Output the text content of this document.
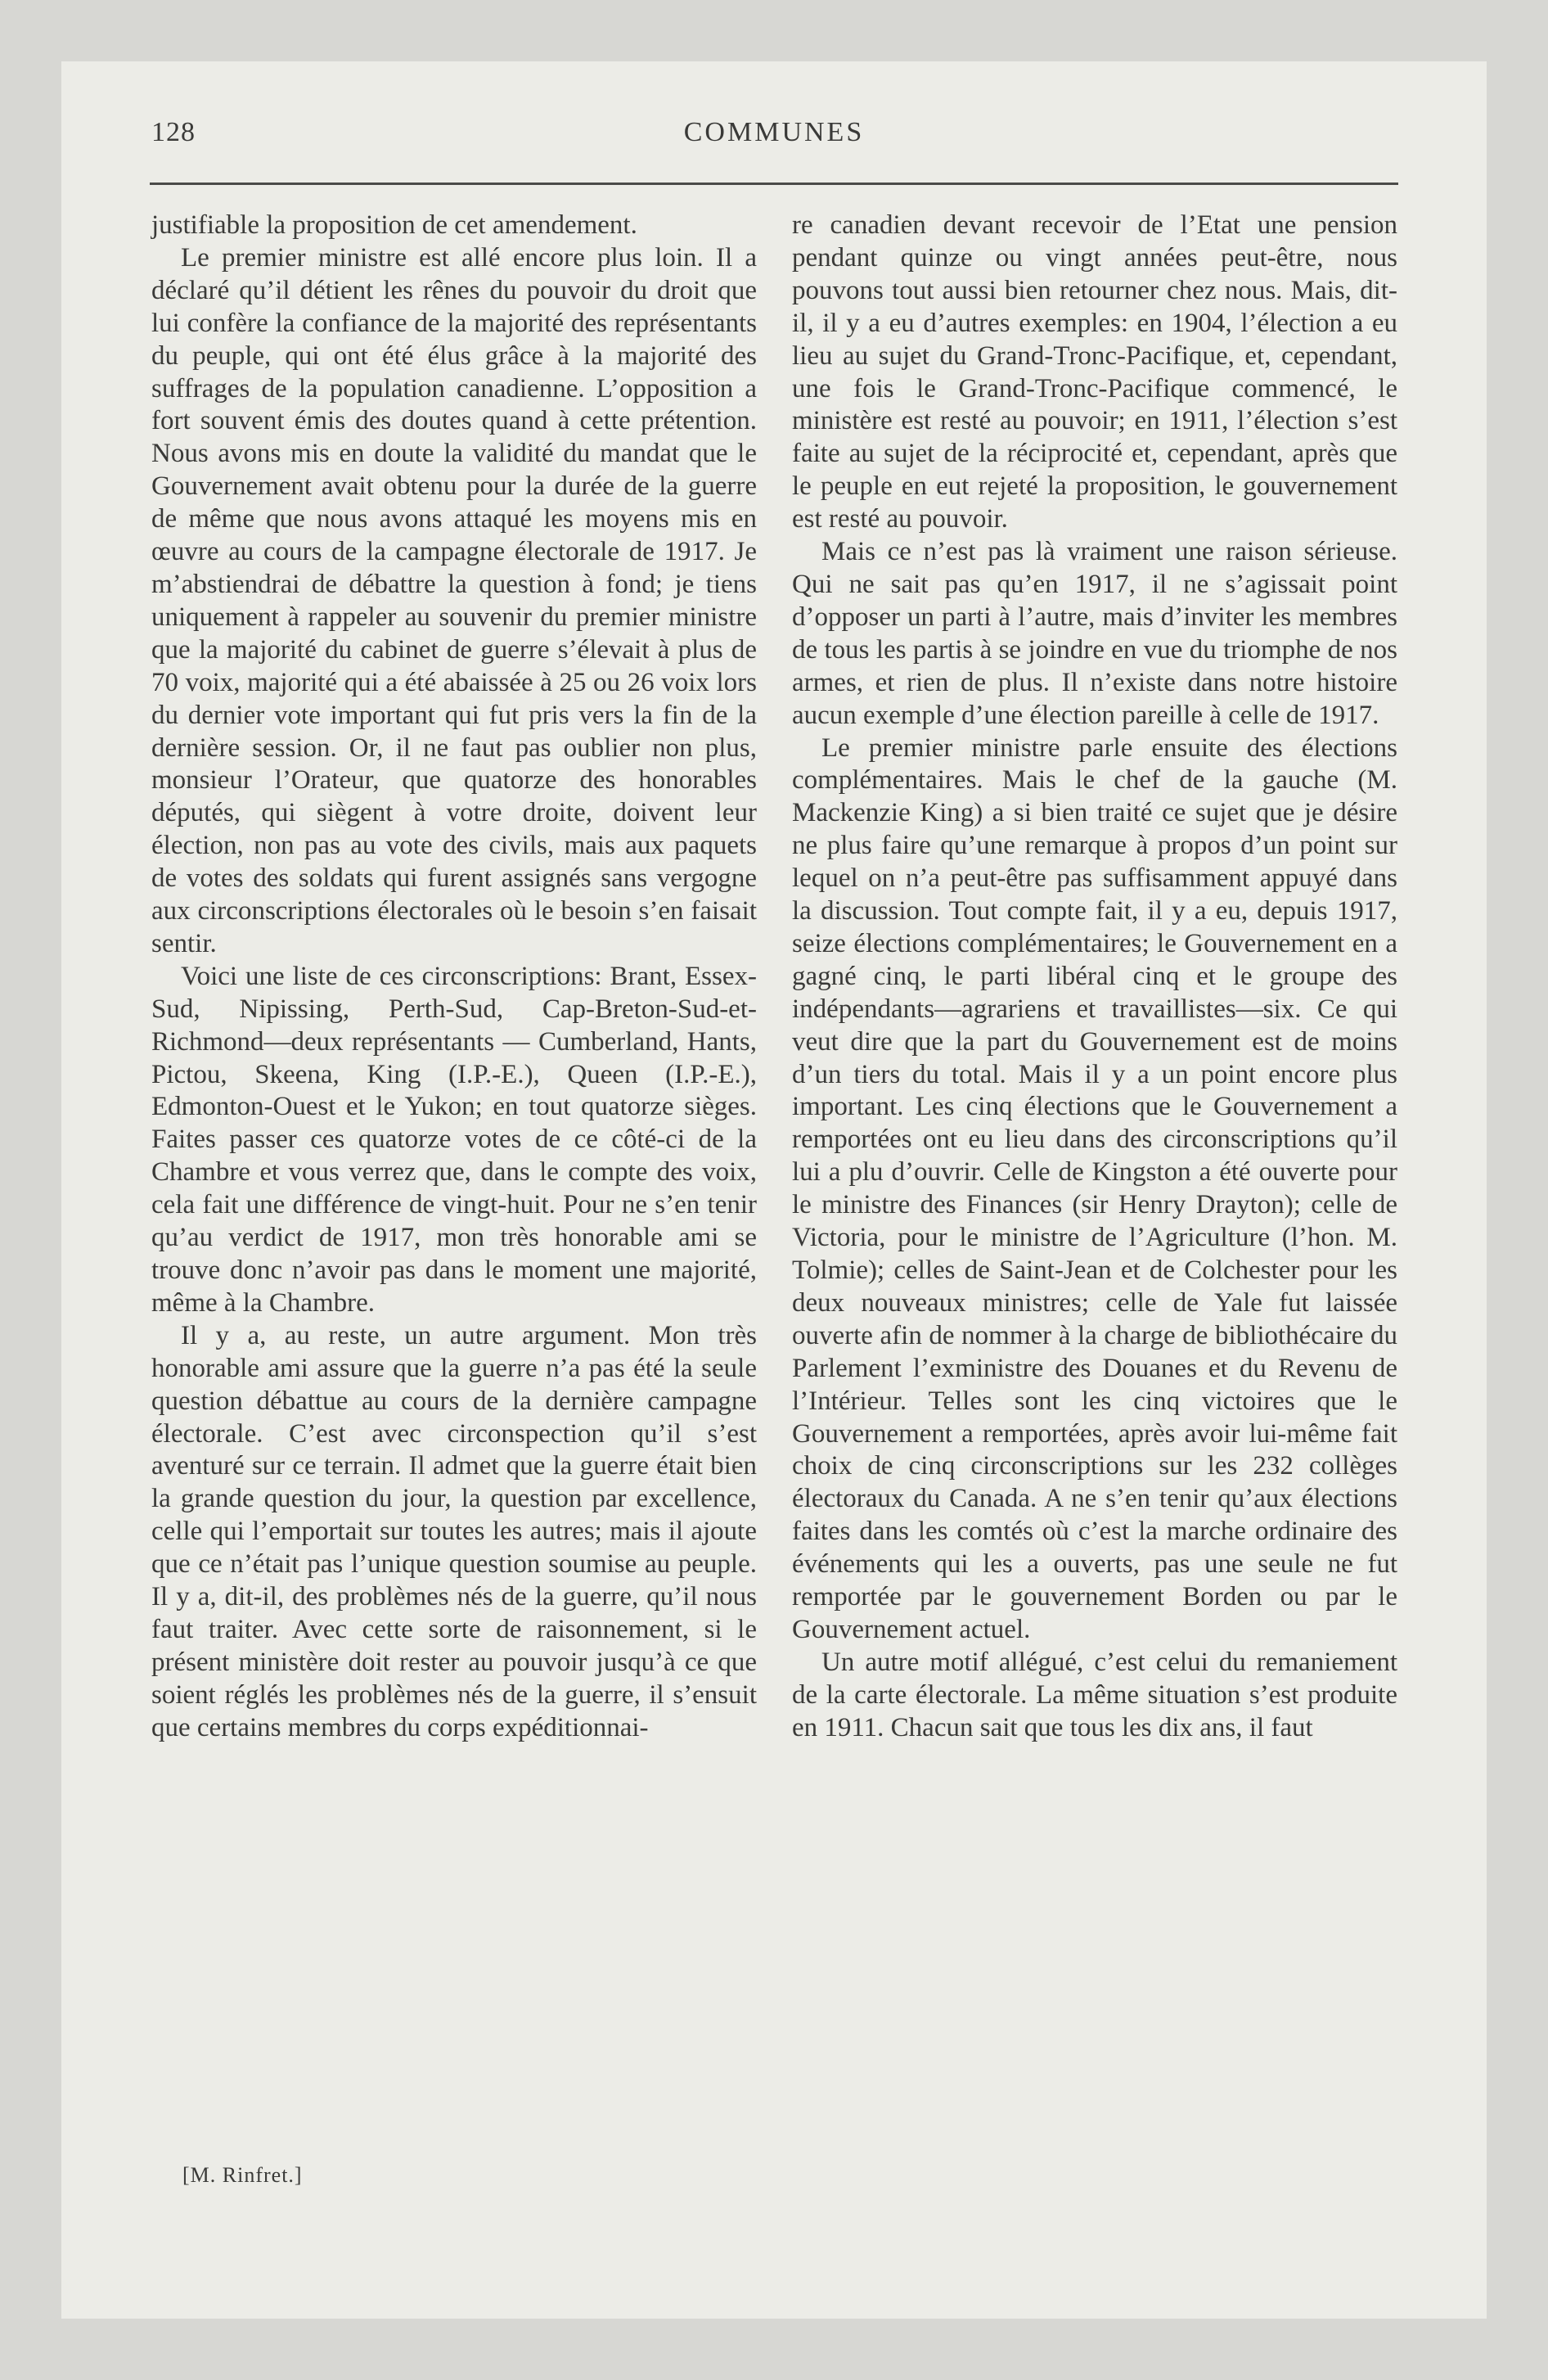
128	COMMUNES

justifiable la proposition de cet amendement.

Le premier ministre est allé encore plus loin. Il a déclaré qu’il détient les rênes du pouvoir du droit que lui confère la confiance de la majorité des représentants du peuple, qui ont été élus grâce à la majorité des suffrages de la population canadienne. L’opposition a fort souvent émis des doutes quand à cette prétention. Nous avons mis en doute la validité du mandat que le Gouvernement avait obtenu pour la durée de la guerre de même que nous avons attaqué les moyens mis en œuvre au cours de la campagne électorale de 1917. Je m’abstiendrai de débattre la question à fond; je tiens uniquement à rappeler au souvenir du premier ministre que la majorité du cabinet de guerre s’élevait à plus de 70 voix, majorité qui a été abaissée à 25 ou 26 voix lors du dernier vote important qui fut pris vers la fin de la dernière session. Or, il ne faut pas oublier non plus, monsieur l’Orateur, que quatorze des honorables députés, qui siègent à votre droite, doivent leur élection, non pas au vote des civils, mais aux paquets de votes des soldats qui furent assignés sans vergogne aux circonscriptions électorales où le besoin s’en faisait sentir.

Voici une liste de ces circonscriptions: Brant, Essex-Sud, Nipissing, Perth-Sud, Cap-Breton-Sud-et-Richmond—deux représentants — Cumberland, Hants, Pictou, Skeena, King (I.P.-E.), Queen (I.P.-E.), Edmonton-Ouest et le Yukon; en tout quatorze sièges. Faites passer ces quatorze votes de ce côté-ci de la Chambre et vous verrez que, dans le compte des voix, cela fait une différence de vingt-huit. Pour ne s’en tenir qu’au verdict de 1917, mon très honorable ami se trouve donc n’avoir pas dans le moment une majorité, même à la Chambre.

Il y a, au reste, un autre argument. Mon très honorable ami assure que la guerre n’a pas été la seule question débattue au cours de la dernière campagne électorale. C’est avec circonspection qu’il s’est aventuré sur ce terrain. Il admet que la guerre était bien la grande question du jour, la question par excellence, celle qui l’emportait sur toutes les autres; mais il ajoute que ce n’était pas l’unique question soumise au peuple. Il y a, dit-il, des problèmes nés de la guerre, qu’il nous faut traiter. Avec cette sorte de raisonnement, si le présent ministère doit rester au pouvoir jusqu’à ce que soient réglés les problèmes nés de la guerre, il s’ensuit que certains membres du corps expéditionnai-

re canadien devant recevoir de l’Etat une pension pendant quinze ou vingt années peut-être, nous pouvons tout aussi bien retourner chez nous. Mais, dit-il, il y a eu d’autres exemples: en 1904, l’élection a eu lieu au sujet du Grand-Tronc-Pacifique, et, cependant, une fois le Grand-Tronc-Pacifique commencé, le ministère est resté au pouvoir; en 1911, l’élection s’est faite au sujet de la réciprocité et, cependant, après que le peuple en eut rejeté la proposition, le gouvernement est resté au pouvoir.

Mais ce n’est pas là vraiment une raison sérieuse. Qui ne sait pas qu’en 1917, il ne s’agissait point d’opposer un parti à l’autre, mais d’inviter les membres de tous les partis à se joindre en vue du triomphe de nos armes, et rien de plus. Il n’existe dans notre histoire aucun exemple d’une élection pareille à celle de 1917.

Le premier ministre parle ensuite des élections complémentaires. Mais le chef de la gauche (M. Mackenzie King) a si bien traité ce sujet que je désire ne plus faire qu’une remarque à propos d’un point sur lequel on n’a peut-être pas suffisamment appuyé dans la discussion. Tout compte fait, il y a eu, depuis 1917, seize élections complémentaires; le Gouvernement en a gagné cinq, le parti libéral cinq et le groupe des indépendants—agrariens et travaillistes—six. Ce qui veut dire que la part du Gouvernement est de moins d’un tiers du total. Mais il y a un point encore plus important. Les cinq élections que le Gouvernement a remportées ont eu lieu dans des circonscriptions qu’il lui a plu d’ouvrir. Celle de Kingston a été ouverte pour le ministre des Finances (sir Henry Drayton); celle de Victoria, pour le ministre de l’Agriculture (l’hon. M. Tolmie); celles de Saint-Jean et de Colchester pour les deux nouveaux ministres; celle de Yale fut laissée ouverte afin de nommer à la charge de bibliothécaire du Parlement l’exministre des Douanes et du Revenu de l’Intérieur. Telles sont les cinq victoires que le Gouvernement a remportées, après avoir lui-même fait choix de cinq circonscriptions sur les 232 collèges électoraux du Canada. A ne s’en tenir qu’aux élections faites dans les comtés où c’est la marche ordinaire des événements qui les a ouverts, pas une seule ne fut remportée par le gouvernement Borden ou par le Gouvernement actuel.

Un autre motif allégué, c’est celui du remaniement de la carte électorale. La même situation s’est produite en 1911. Chacun sait que tous les dix ans, il faut

[M. Rinfret.]
